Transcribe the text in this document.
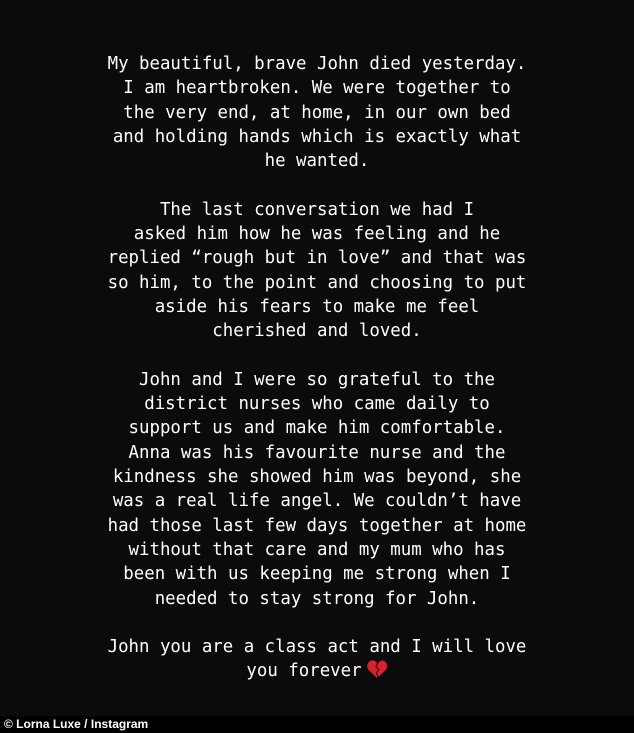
My beautiful, brave John died yesterday.
I am heartbroken. We were together to
the very end, at home, in our own bed
and holding hands which is exactly what
he wanted.
The last conversation we had I
asked him how he was feeling and he
replied “rough but in love” and that was
so him, to the point and choosing to put
aside his fears to make me feel
cherished and loved.
John and I were so grateful to the
district nurses who came daily to
support us and make him comfortable.
Anna was his favourite nurse and the
kindness she showed him was beyond, she
was a real life angel. We couldn’t have
had those last few days together at home
without that care and my mum who has
been with us keeping me strong when I
needed to stay strong for John.
John you are a class act and I will love
you forever
© Lorna Luxe / Instagram
